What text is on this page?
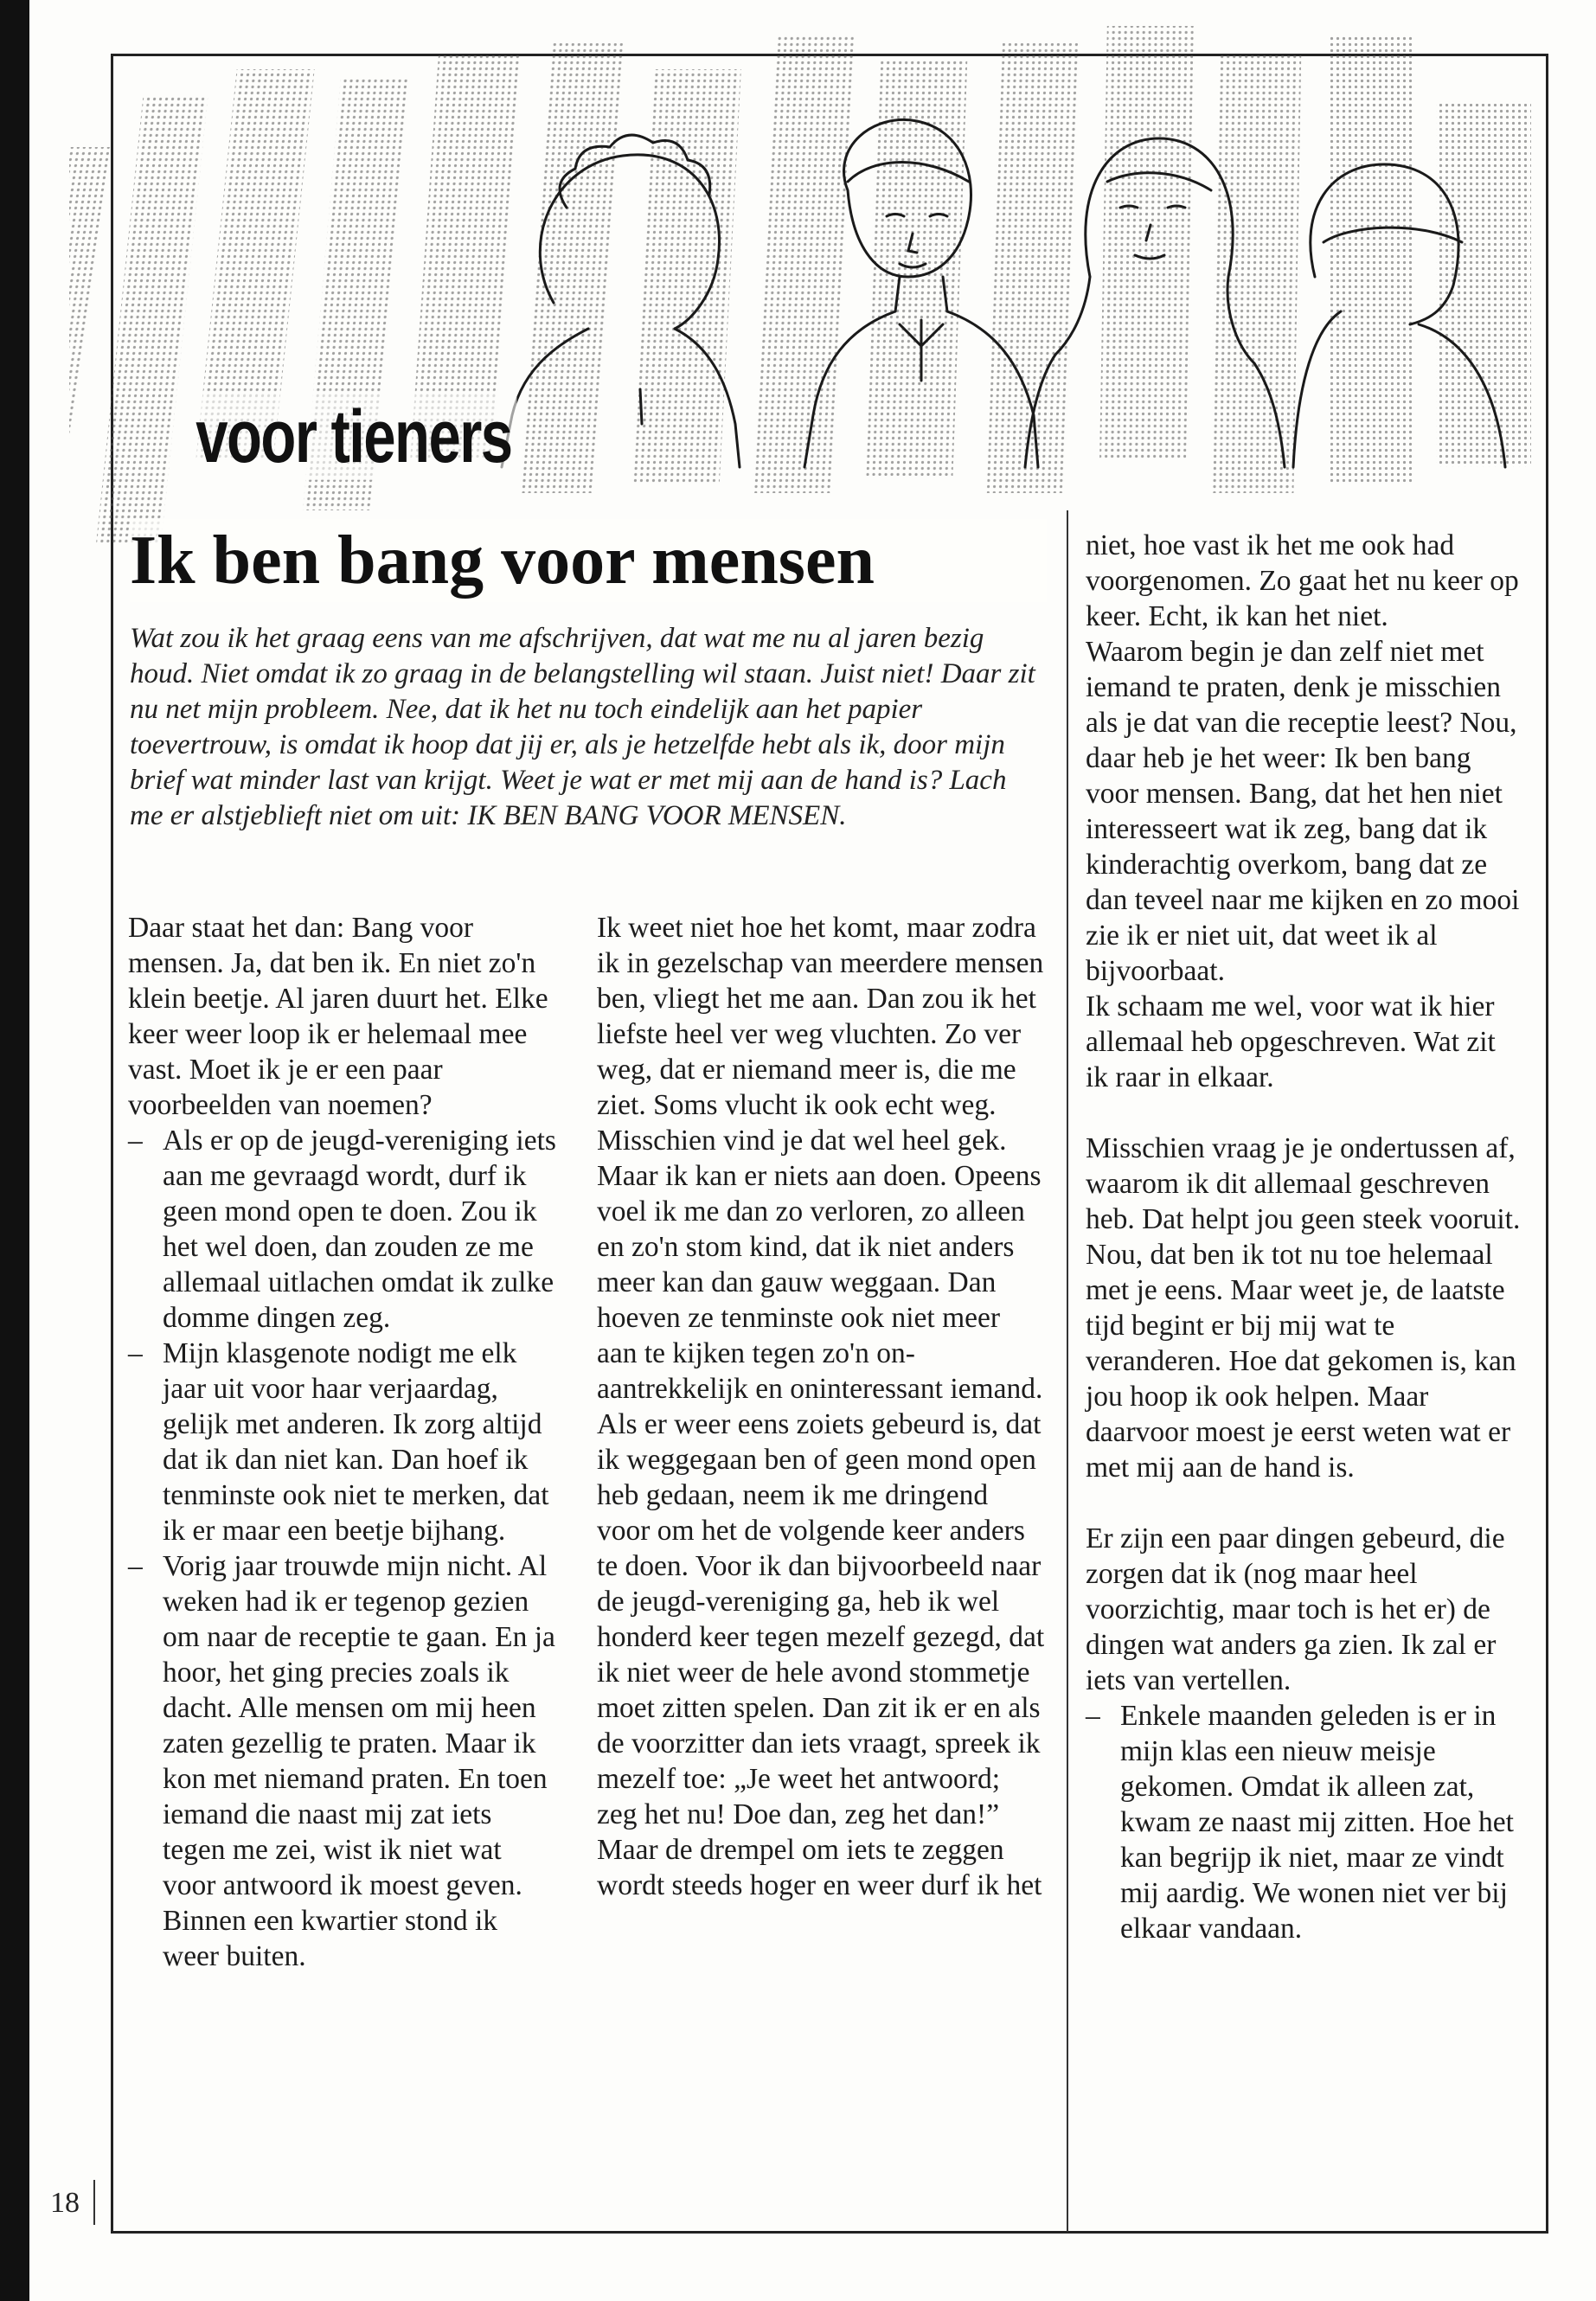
voor tieners
Ik ben bang voor mensen

Wat zou ik het graag eens van me afschrijven, dat wat me nu al jaren bezig houd. Niet omdat ik zo graag in de belangstelling wil staan. Juist niet! Daar zit nu net mijn probleem. Nee, dat ik het nu toch eindelijk aan het papier toevertrouw, is omdat ik hoop dat jij er, als je hetzelfde hebt als ik, door mijn brief wat minder last van krijgt. Weet je wat er met mij aan de hand is? Lach me er alstjeblieft niet om uit: IK BEN BANG VOOR MENSEN.

Daar staat het dan: Bang voor mensen. Ja, dat ben ik. En niet zo'n klein beetje. Al jaren duurt het. Elke keer weer loop ik er helemaal mee vast. Moet ik je er een paar voorbeelden van noemen?

– Als er op de jeugd-vereniging iets aan me gevraagd wordt, durf ik geen mond open te doen. Zou ik het wel doen, dan zouden ze me allemaal uitlachen omdat ik zulke domme dingen zeg.

– Mijn klasgenote nodigt me elk jaar uit voor haar verjaardag, gelijk met anderen. Ik zorg altijd dat ik dan niet kan. Dan hoef ik tenminste ook niet te merken, dat ik er maar een beetje bijhang.

– Vorig jaar trouwde mijn nicht. Al weken had ik er tegenop gezien om naar de receptie te gaan. En ja hoor, het ging precies zoals ik dacht. Alle mensen om mij heen zaten gezellig te praten. Maar ik kon met niemand praten. En toen iemand die naast mij zat iets tegen me zei, wist ik niet wat voor antwoord ik moest geven. Binnen een kwartier stond ik weer buiten.

Ik weet niet hoe het komt, maar zodra ik in gezelschap van meerdere mensen ben, vliegt het me aan. Dan zou ik het liefste heel ver weg vluchten. Zo ver weg, dat er niemand meer is, die me ziet. Soms vlucht ik ook echt weg. Misschien vind je dat wel heel gek. Maar ik kan er niets aan doen. Opeens voel ik me dan zo verloren, zo alleen en zo'n stom kind, dat ik niet anders meer kan dan gauw weggaan. Dan hoeven ze tenminste ook niet meer aan te kijken tegen zo'n on-aantrekkelijk en oninteressant iemand.

Als er weer eens zoiets gebeurd is, dat ik weggegaan ben of geen mond open heb gedaan, neem ik me dringend voor om het de volgende keer anders te doen. Voor ik dan bijvoorbeeld naar de jeugd-vereniging ga, heb ik wel honderd keer tegen mezelf gezegd, dat ik niet weer de hele avond stommetje moet zitten spelen. Dan zit ik er en als de voorzitter dan iets vraagt, spreek ik mezelf toe: „Je weet het antwoord; zeg het nu! Doe dan, zeg het dan!” Maar de drempel om iets te zeggen wordt steeds hoger en weer durf ik het

niet, hoe vast ik het me ook had voorgenomen. Zo gaat het nu keer op keer. Echt, ik kan het niet.

Waarom begin je dan zelf niet met iemand te praten, denk je misschien als je dat van die receptie leest? Nou, daar heb je het weer: Ik ben bang voor mensen. Bang, dat het hen niet interesseert wat ik zeg, bang dat ik kinderachtig overkom, bang dat ze dan teveel naar me kijken en zo mooi zie ik er niet uit, dat weet ik al bijvoorbaat.

Ik schaam me wel, voor wat ik hier allemaal heb opgeschreven. Wat zit ik raar in elkaar.

Misschien vraag je je ondertussen af, waarom ik dit allemaal geschreven heb. Dat helpt jou geen steek vooruit. Nou, dat ben ik tot nu toe helemaal met je eens. Maar weet je, de laatste tijd begint er bij mij wat te veranderen. Hoe dat gekomen is, kan jou hoop ik ook helpen. Maar daarvoor moest je eerst weten wat er met mij aan de hand is.

Er zijn een paar dingen gebeurd, die zorgen dat ik (nog maar heel voorzichtig, maar toch is het er) de dingen wat anders ga zien. Ik zal er iets van vertellen.

– Enkele maanden geleden is er in mijn klas een nieuw meisje gekomen. Omdat ik alleen zat, kwam ze naast mij zitten. Hoe het kan begrijp ik niet, maar ze vindt mij aardig. We wonen niet ver bij elkaar vandaan.

18
